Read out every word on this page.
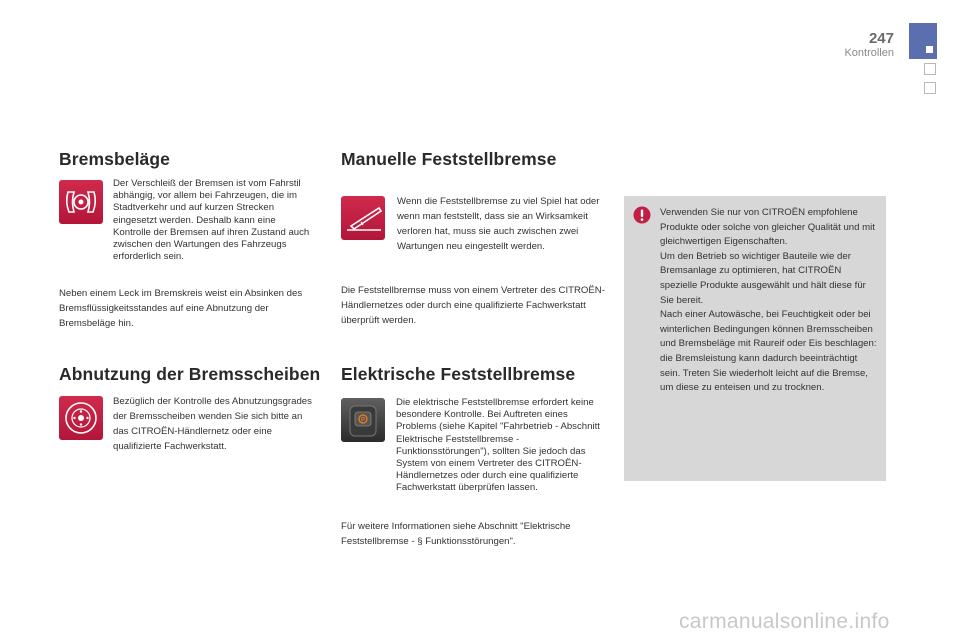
247
Kontrollen
Bremsbeläge
Der Verschleiß der Bremsen ist vom Fahrstil abhängig, vor allem bei Fahrzeugen, die im Stadtverkehr und auf kurzen Strecken eingesetzt werden. Deshalb kann eine Kontrolle der Bremsen auf ihren Zustand auch zwischen den Wartungen des Fahrzeugs erforderlich sein.
Neben einem Leck im Bremskreis weist ein Absinken des Bremsflüssigkeitsstandes auf eine Abnutzung der Bremsbeläge hin.
Abnutzung der Bremsscheiben
Bezüglich der Kontrolle des Abnutzungsgrades der Bremsscheiben wenden Sie sich bitte an das CITROËN-Händlernetz oder eine qualifizierte Fachwerkstatt.
Manuelle Feststellbremse
Wenn die Feststellbremse zu viel Spiel hat oder wenn man feststellt, dass sie an Wirksamkeit verloren hat, muss sie auch zwischen zwei Wartungen neu eingestellt werden.
Die Feststellbremse muss von einem Vertreter des CITROËN-Händlernetzes oder durch eine qualifizierte Fachwerkstatt überprüft werden.
Elektrische Feststellbremse
P
Die elektrische Feststellbremse erfordert keine besondere Kontrolle. Bei Auftreten eines Problems (siehe Kapitel "Fahrbetrieb - Abschnitt Elektrische Feststellbremse - Funktionsstörungen"), sollten Sie jedoch das System von einem Vertreter des CITROËN-Händlernetzes oder durch eine qualifizierte Fachwerkstatt überprüfen lassen.
Für weitere Informationen siehe Abschnitt "Elektrische Feststellbremse - § Funktionsstörungen".
Verwenden Sie nur von CITROËN empfohlene Produkte oder solche von gleicher Qualität und mit gleichwertigen Eigenschaften.
Um den Betrieb so wichtiger Bauteile wie der Bremsanlage zu optimieren, hat CITROËN spezielle Produkte ausgewählt und hält diese für Sie bereit.
Nach einer Autowäsche, bei Feuchtigkeit oder bei winterlichen Bedingungen können Bremsscheiben und Bremsbeläge mit Raureif oder Eis beschlagen: die Bremsleistung kann dadurch beeinträchtigt sein. Treten Sie wiederholt leicht auf die Bremse, um diese zu enteisen und zu trocknen.
carmanualsonline.info
